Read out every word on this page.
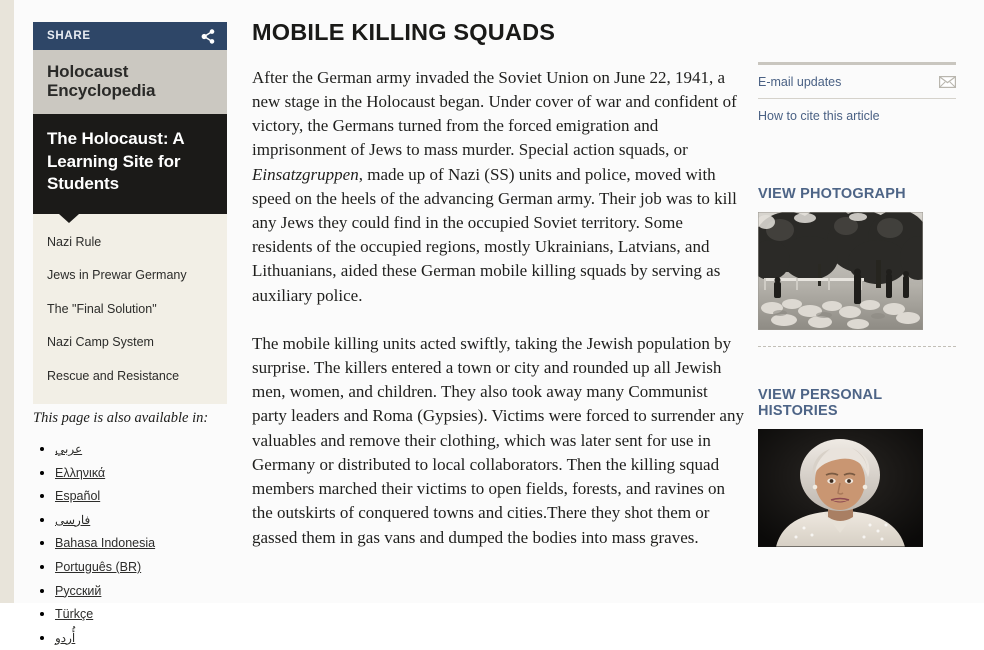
SHARE
Holocaust Encyclopedia
The Holocaust: A Learning Site for Students
Nazi Rule
Jews in Prewar Germany
The "Final Solution"
Nazi Camp System
Rescue and Resistance
This page is also available in:
• عربي
• Ελληνικά
• Español
• فارسی
• Bahasa Indonesia
• Português (BR)
• Русский
• Türkçe
• أُردو
MOBILE KILLING SQUADS

After the German army invaded the Soviet Union on June 22, 1941, a new stage in the Holocaust began. Under cover of war and confident of victory, the Germans turned from the forced emigration and imprisonment of Jews to mass murder. Special action squads, or Einsatzgruppen, made up of Nazi (SS) units and police, moved with speed on the heels of the advancing German army. Their job was to kill any Jews they could find in the occupied Soviet territory. Some residents of the occupied regions, mostly Ukrainians, Latvians, and Lithuanians, aided these German mobile killing squads by serving as auxiliary police.

The mobile killing units acted swiftly, taking the Jewish population by surprise. The killers entered a town or city and rounded up all Jewish men, women, and children. They also took away many Communist party leaders and Roma (Gypsies). Victims were forced to surrender any valuables and remove their clothing, which was later sent for use in Germany or distributed to local collaborators. Then the killing squad members marched their victims to open fields, forests, and ravines on the outskirts of conquered towns and cities.There they shot them or gassed them in gas vans and dumped the bodies into mass graves.

E-mail updates
How to cite this article
VIEW PHOTOGRAPH
VIEW PERSONAL HISTORIES
